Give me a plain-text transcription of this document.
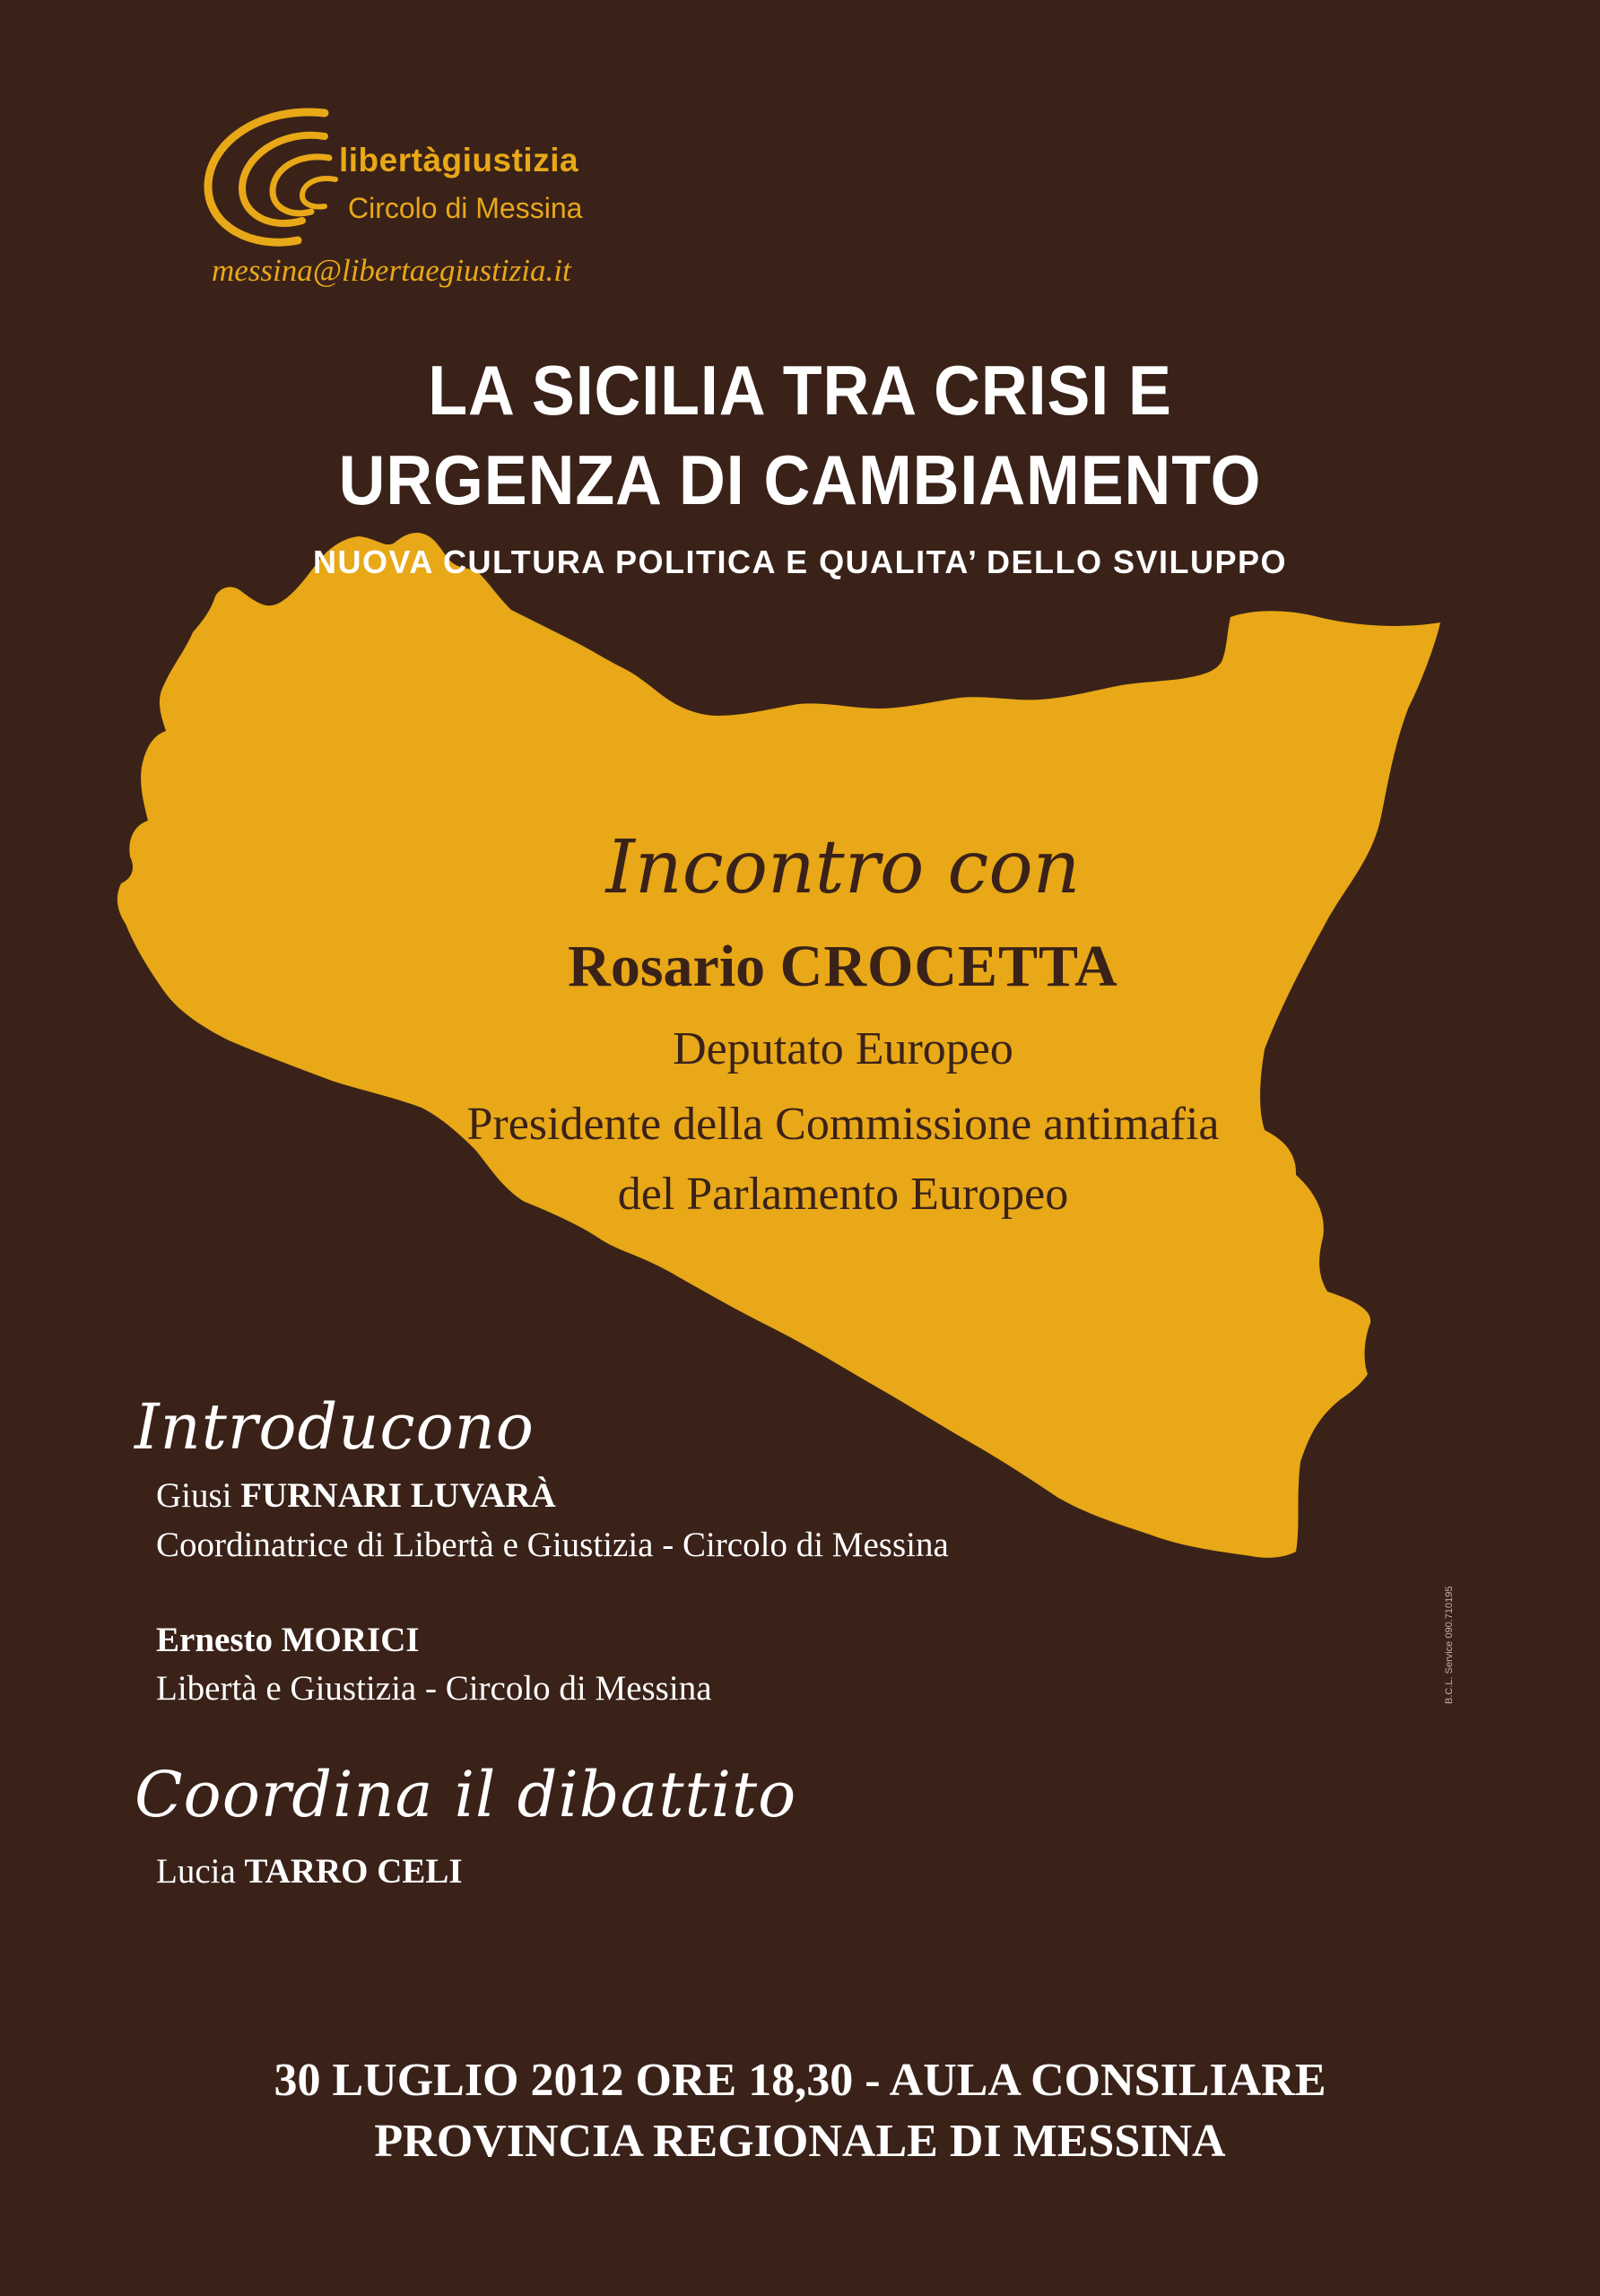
libertàgiustizia
Circolo di Messina
messina@libertaegiustizia.it
LA SICILIA TRA CRISI E
URGENZA DI CAMBIAMENTO
NUOVA CULTURA POLITICA E QUALITA’ DELLO SVILUPPO
Incontro con
Rosario CROCETTA
Deputato Europeo
Presidente della Commissione antimafia
del Parlamento Europeo
Introducono
Giusi FURNARI LUVARÀ
Coordinatrice di Libertà e Giustizia - Circolo di Messina
Ernesto MORICI
Libertà e Giustizia - Circolo di Messina
Coordina il dibattito
Lucia TARRO CELI
B.C.L. Service 090.710195
30 LUGLIO 2012 ORE 18,30 - AULA CONSILIARE
PROVINCIA REGIONALE DI MESSINA
